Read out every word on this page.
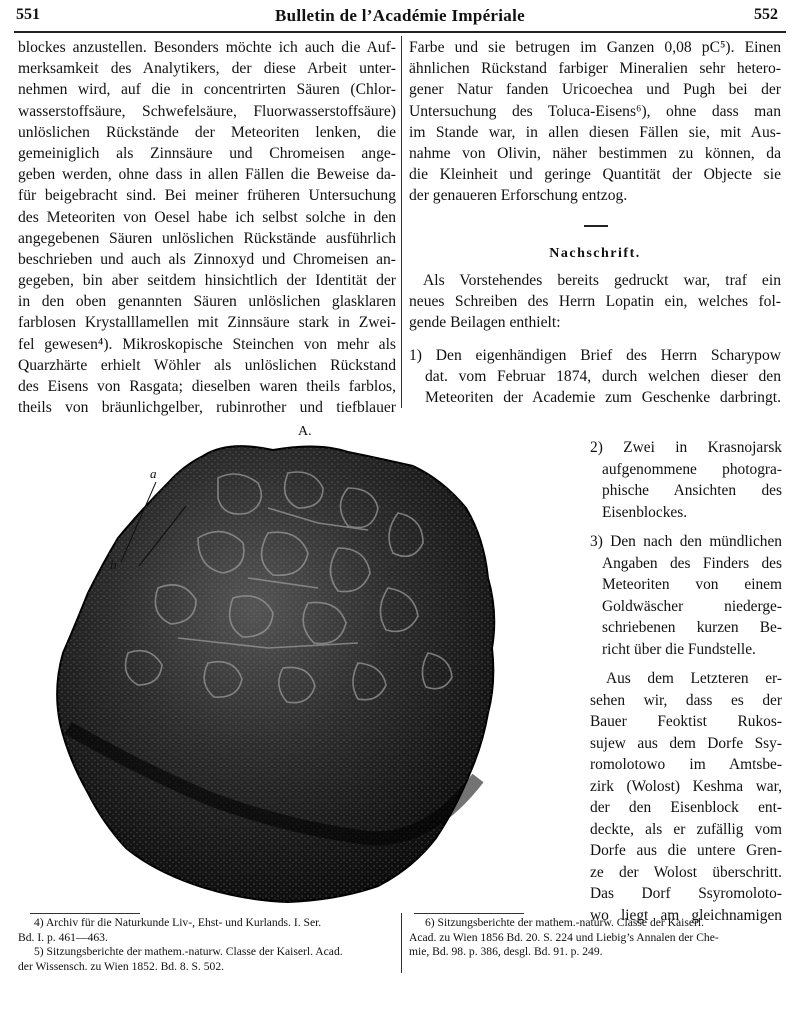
551	Bulletin de l’Académie Impériale	552
blockes anzustellen. Besonders möchte ich auch die Auf-
merksamkeit des Analytikers, der diese Arbeit unter-
nehmen wird, auf die in concentrirten Säuren (Chlor-
wasserstoffsäure, Schwefelsäure, Fluorwasserstoffsäure)
unlöslichen Rückstände der Meteoriten lenken, die
gemeiniglich als Zinnsäure und Chromeisen ange-
geben werden, ohne dass in allen Fällen die Beweise da-
für beigebracht sind. Bei meiner früheren Untersuchung
des Meteoriten von Oesel habe ich selbst solche in den
angegebenen Säuren unlöslichen Rückstände ausführlich
beschrieben und auch als Zinnoxyd und Chromeisen an-
gegeben, bin aber seitdem hinsichtlich der Identität der
in den oben genannten Säuren unlöslichen glasklaren
farblosen Krystalllamellen mit Zinnsäure stark in Zwei-
fel gewesen⁴). Mikroskopische Steinchen von mehr als
Quarzhärte erhielt Wöhler als unlöslichen Rückstand
des Eisens von Rasgata; dieselben waren theils farblos,
theils von bräunlichgelber, rubinrother und tiefblauer
Farbe und sie betrugen im Ganzen 0,08 pC⁵). Einen
ähnlichen Rückstand farbiger Mineralien sehr hetero-
gener Natur fanden Uricoechea und Pugh bei der
Untersuchung des Toluca-Eisens⁶), ohne dass man
im Stande war, in allen diesen Fällen sie, mit Aus-
nahme von Olivin, näher bestimmen zu können, da
die Kleinheit und geringe Quantität der Objecte sie
der genaueren Erforschung entzog.
Nachschrift.
Als Vorstehendes bereits gedruckt war, traf ein
neues Schreiben des Herrn Lopatin ein, welches fol-
gende Beilagen enthielt:
1) Den eigenhändigen Brief des Herrn Scharypow
dat. vom Februar 1874, durch welchen dieser den
Meteoriten der Academie zum Geschenke darbringt.
A.
a
b
2) Zwei in Krasnojarsk
aufgenommene photogra-
phische Ansichten des
Eisenblockes.
3) Den nach den mündlichen
Angaben des Finders des
Meteoriten von einem
Goldwäscher niederge-
schriebenen kurzen Be-
richt über die Fundstelle.
Aus dem Letzteren er-
sehen wir, dass es der
Bauer Feoktist Rukos-
sujew aus dem Dorfe Ssy-
romolotowo im Amtsbe-
zirk (Wolost) Keshma war,
der den Eisenblock ent-
deckte, als er zufällig vom
Dorfe aus die untere Gren-
ze der Wolost überschritt.
Das Dorf Ssyromoloto-
wo liegt am gleichnamigen
4) Archiv für die Naturkunde Liv-, Ehst- und Kurlands. I. Ser.
Bd. I. p. 461—463.
5) Sitzungsberichte der mathem.-naturw. Classe der Kaiserl. Acad.
der Wissensch. zu Wien 1852. Bd. 8. S. 502.
6) Sitzungsberichte der mathem.-naturw. Classe der Kaiserl.
Acad. zu Wien 1856 Bd. 20. S. 224 und Liebig’s Annalen der Che-
mie, Bd. 98. p. 386, desgl. Bd. 91. p. 249.
